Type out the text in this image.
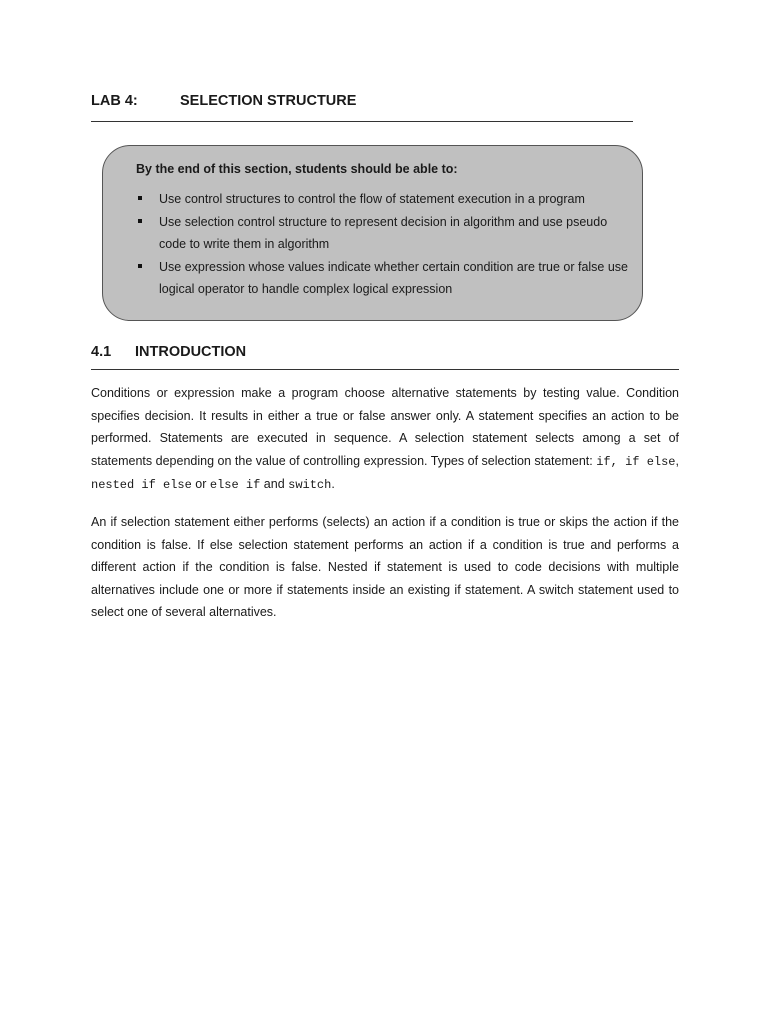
LAB 4:	SELECTION STRUCTURE
By the end of this section, students should be able to:
Use control structures to control the flow of statement execution in a program
Use selection control structure to represent decision in algorithm and use pseudo code to write them in algorithm
Use expression whose values indicate whether certain condition are true or false use logical operator to handle complex logical expression
4.1 INTRODUCTION

Conditions or expression make a program choose alternative statements by testing value. Condition specifies decision. It results in either a true or false answer only. A statement specifies an action to be performed. Statements are executed in sequence. A selection statement selects among a set of statements depending on the value of controlling expression. Types of selection statement: if, if else, nested if else or else if and switch.

An if selection statement either performs (selects) an action if a condition is true or skips the action if the condition is false. If else selection statement performs an action if a condition is true and performs a different action if the condition is false. Nested if statement is used to code decisions with multiple alternatives include one or more if statements inside an existing if statement. A switch statement used to select one of several alternatives.
